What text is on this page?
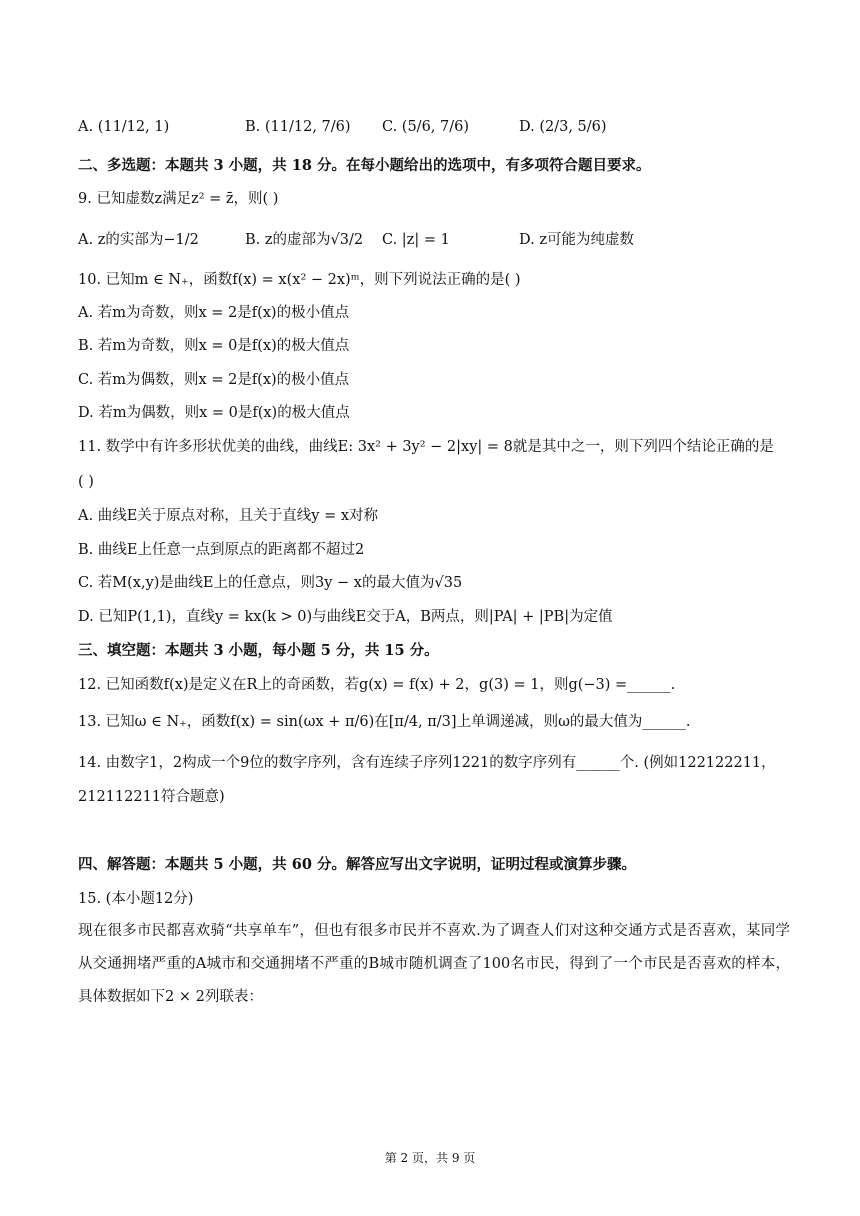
A. (11/12, 1)	B. (11/12, 7/6) C. (5/6, 7/6)	D. (2/3, 5/6)
二、多选题：本题共 3 小题，共 18 分。在每小题给出的选项中，有多项符合题目要求。
9. 已知虚数z满足z² = z̄，则( )
A. z的实部为−1/2	B. z的虚部为√3/2 C. |z| = 1	D. z可能为纯虚数
10. 已知m ∈ N₊，函数f(x) = x(x² − 2x)ᵐ，则下列说法正确的是( )
A. 若m为奇数，则x = 2是f(x)的极小值点
B. 若m为奇数，则x = 0是f(x)的极大值点
C. 若m为偶数，则x = 2是f(x)的极小值点
D. 若m为偶数，则x = 0是f(x)的极大值点
11. 数学中有许多形状优美的曲线，曲线E: 3x² + 3y² − 2|xy| = 8就是其中之一，则下列四个结论正确的是
( )
A. 曲线E关于原点对称，且关于直线y = x对称
B. 曲线E上任意一点到原点的距离都不超过2
C. 若M(x,y)是曲线E上的任意点，则3y − x的最大值为√35
D. 已知P(1,1)，直线y = kx(k > 0)与曲线E交于A，B两点，则|PA| + |PB|为定值
三、填空题：本题共 3 小题，每小题 5 分，共 15 分。
12. 已知函数f(x)是定义在R上的奇函数，若g(x) = f(x) + 2，g(3) = 1，则g(−3) =______.
13. 已知ω ∈ N₊，函数f(x) = sin(ωx + π/6)在[π/4, π/3]上单调递减，则ω的最大值为______.
14. 由数字1，2构成一个9位的数字序列，含有连续子序列1221的数字序列有______个. (例如122122211，
212112211符合题意)
四、解答题：本题共 5 小题，共 60 分。解答应写出文字说明，证明过程或演算步骤。
15. (本小题12分)
现在很多市民都喜欢骑“共享单车”，但也有很多市民并不喜欢.为了调查人们对这种交通方式是否喜欢，某同学从交通拥堵严重的A城市和交通拥堵不严重的B城市随机调查了100名市民，得到了一个市民是否喜欢的样本，具体数据如下2 × 2列联表：
第 2 页，共 9 页
